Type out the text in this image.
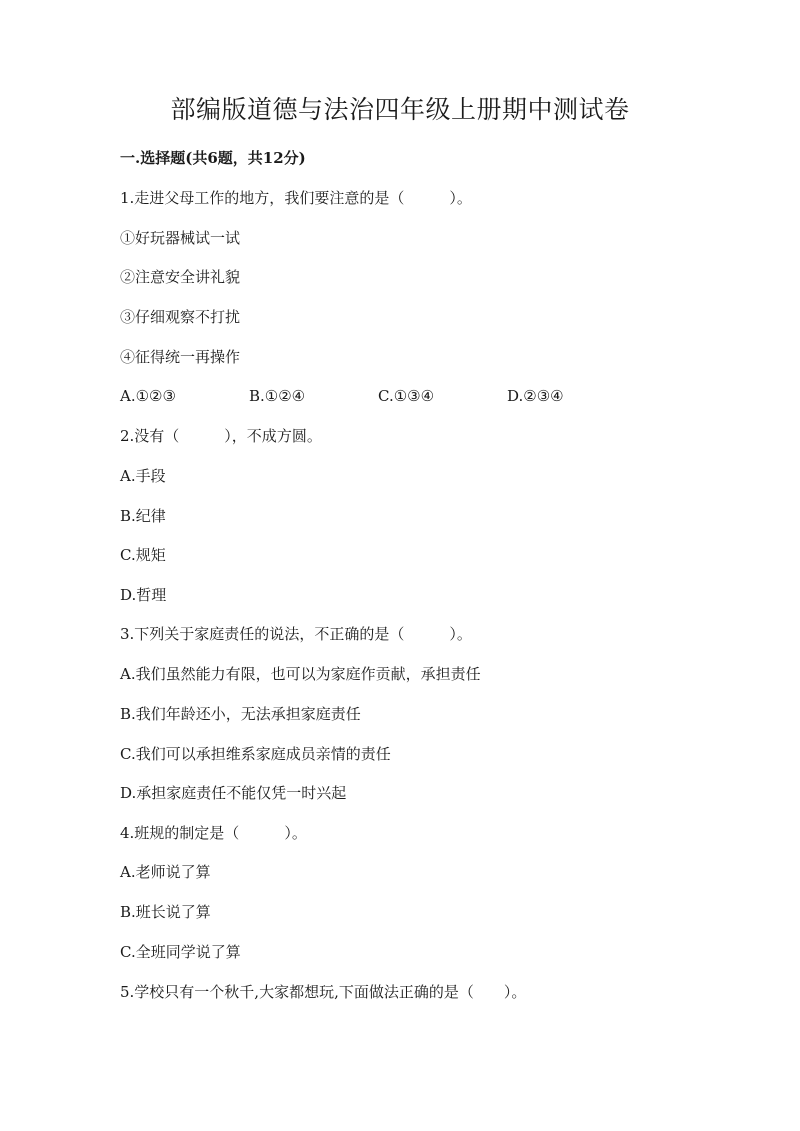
部编版道德与法治四年级上册期中测试卷
一.选择题(共6题，共12分)
1.走进父母工作的地方，我们要注意的是（　　　）。
①好玩器械试一试
②注意安全讲礼貌
③仔细观察不打扰
④征得统一再操作
A.①②③	B.①②④	C.①③④	D.②③④
2.没有（　　　），不成方圆。
A.手段
B.纪律
C.规矩
D.哲理
3.下列关于家庭责任的说法，不正确的是（　　　）。
A.我们虽然能力有限，也可以为家庭作贡献，承担责任
B.我们年龄还小，无法承担家庭责任
C.我们可以承担维系家庭成员亲情的责任
D.承担家庭责任不能仅凭一时兴起
4.班规的制定是（　　　）。
A.老师说了算
B.班长说了算
C.全班同学说了算
5.学校只有一个秋千,大家都想玩,下面做法正确的是（　　）。
